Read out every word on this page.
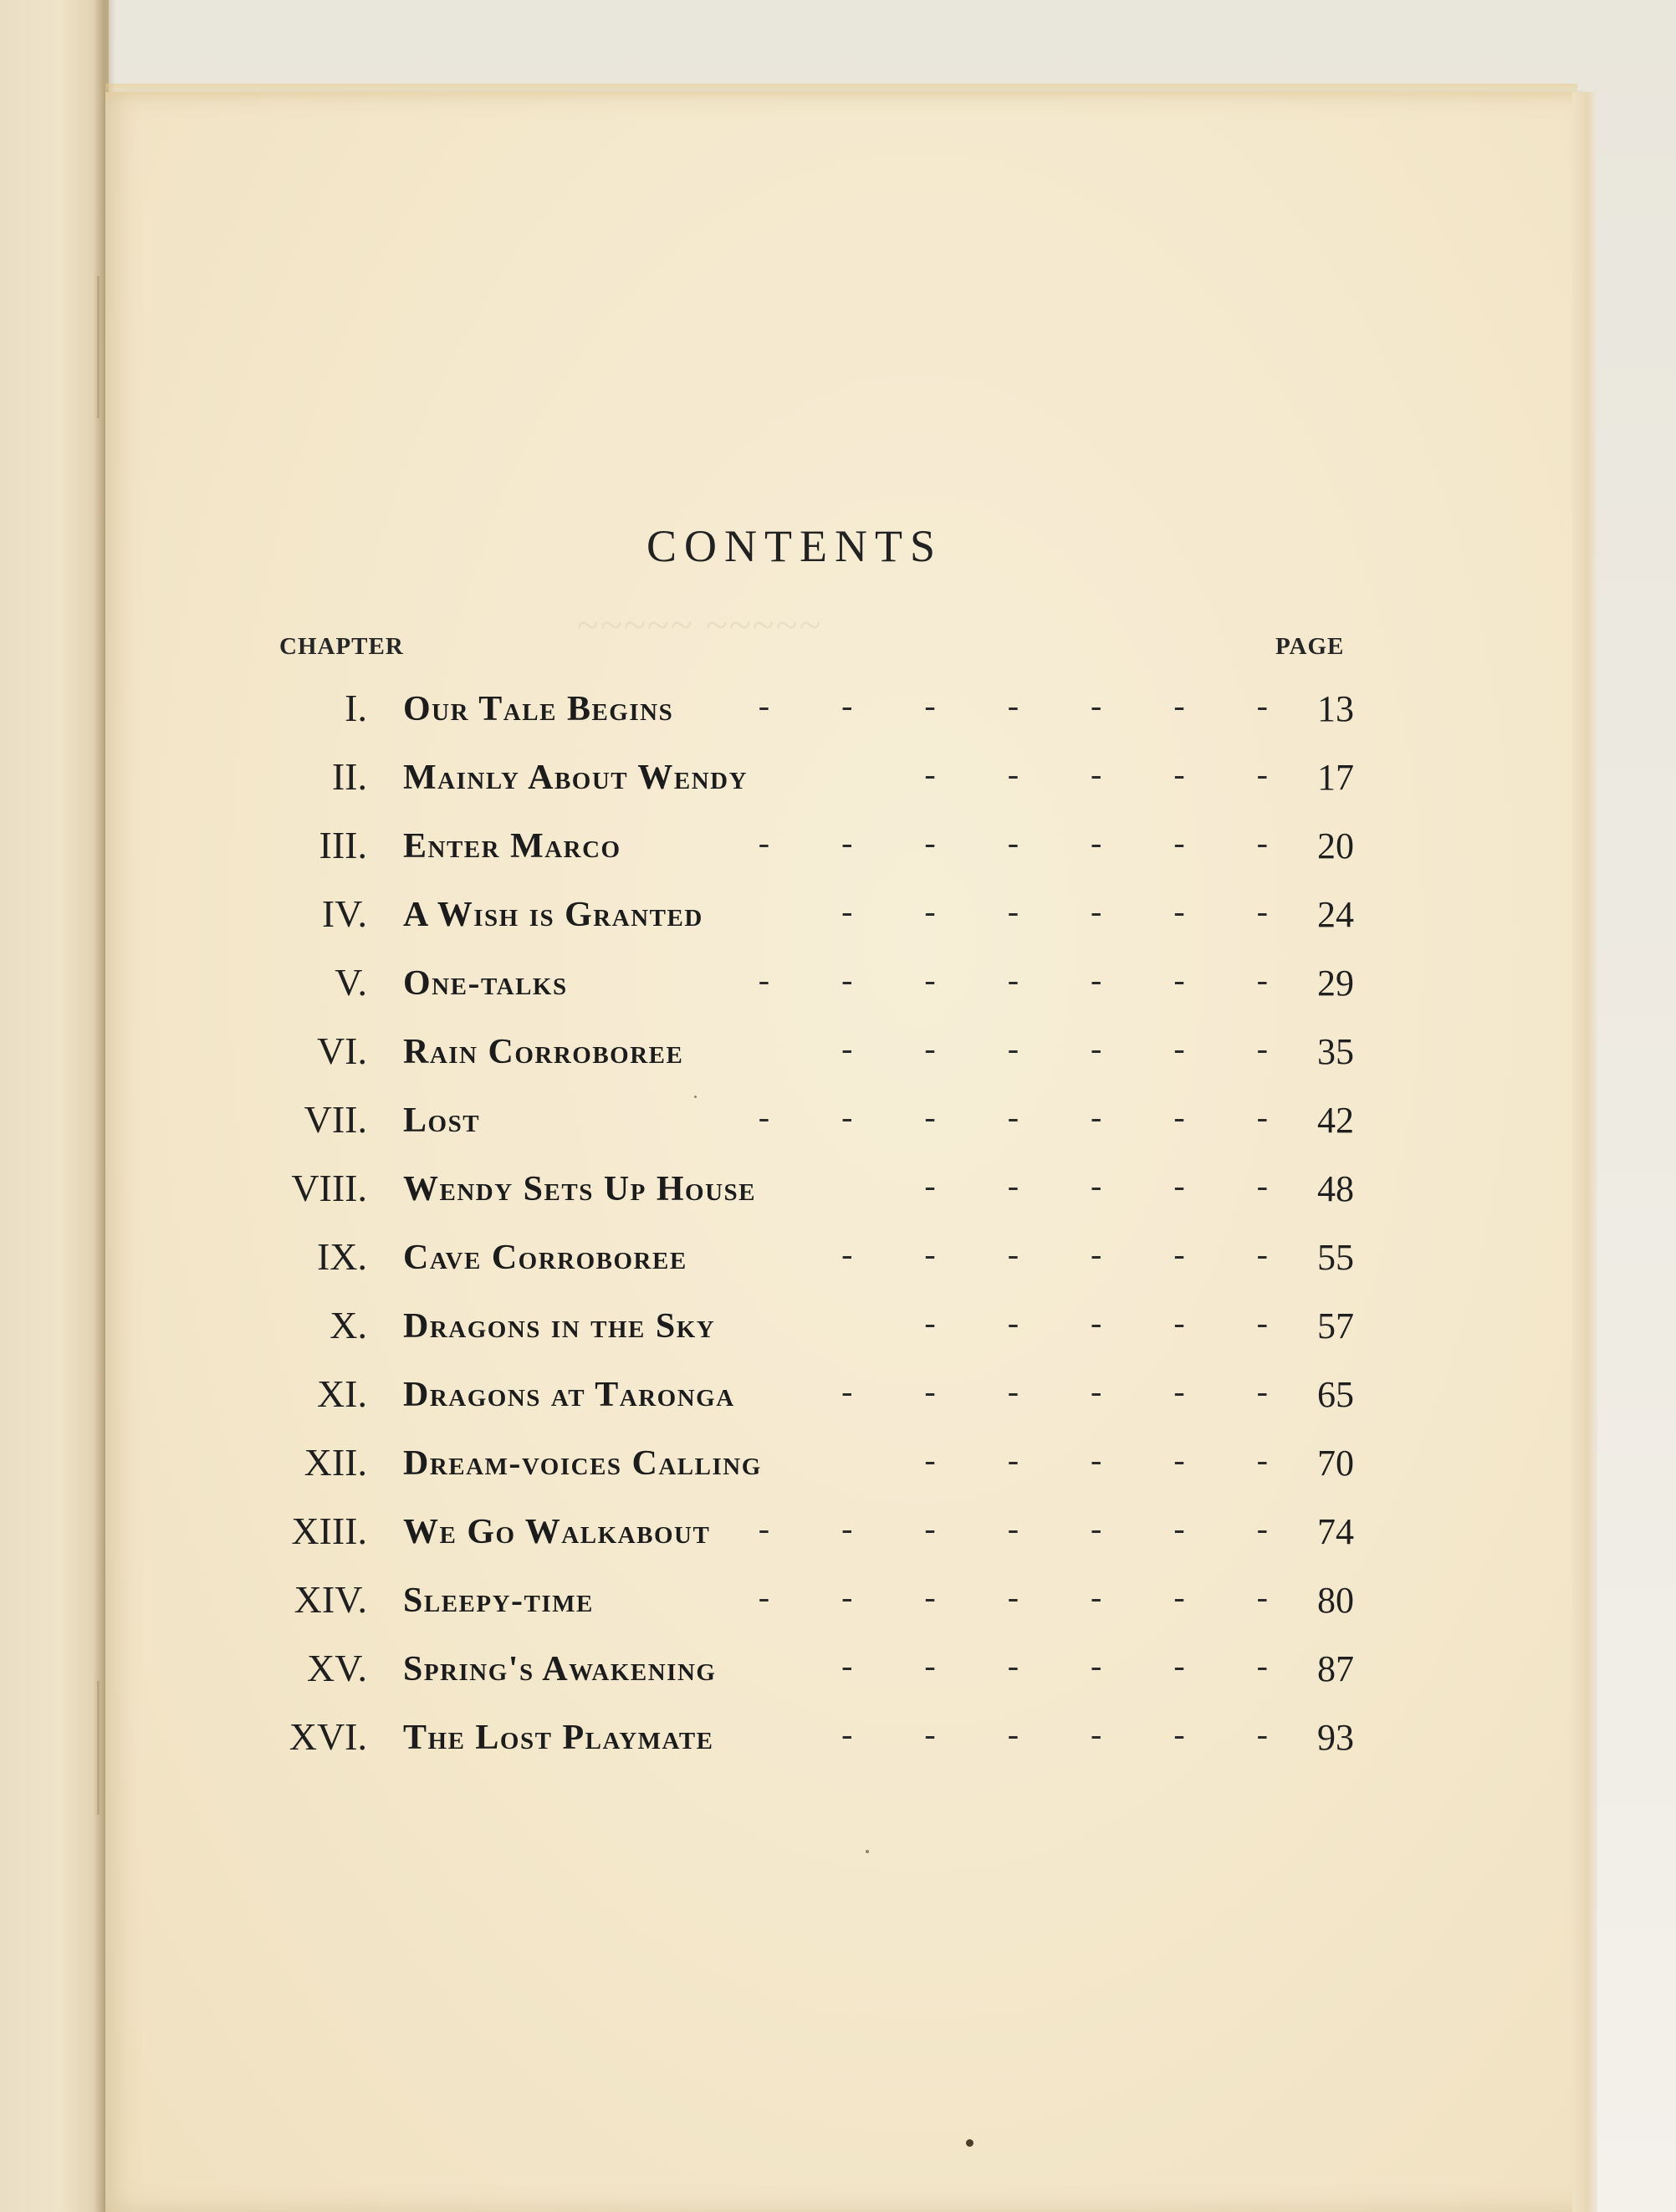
~~~~~ ~~~~~
CONTENTS
CHAPTER	PAGE
I. Our Tale Begins	- - - - - - - 13
II. Mainly About Wendy	- - - - - 17
III. Enter Marco	- - - - - - - 20
IV. A Wish is Granted	- - - - - - 24
V. One-talks	- - - - - - - 29
VI. Rain Corroboree	- - - - - - 35
VII. Lost	- - - - - - - 42
VIII. Wendy Sets Up House	- - - - - 48
IX. Cave Corroboree	- - - - - - 55
X. Dragons in the Sky	- - - - - 57
XI. Dragons at Taronga	- - - - - - 65
XII. Dream-voices Calling	- - - - - 70
XIII. We Go Walkabout - - - - - - - 74
XIV. Sleepy-time	- - - - - - - 80
XV. Spring's Awakening	- - - - - - 87
XVI. The Lost Playmate	- - - - - - 93
